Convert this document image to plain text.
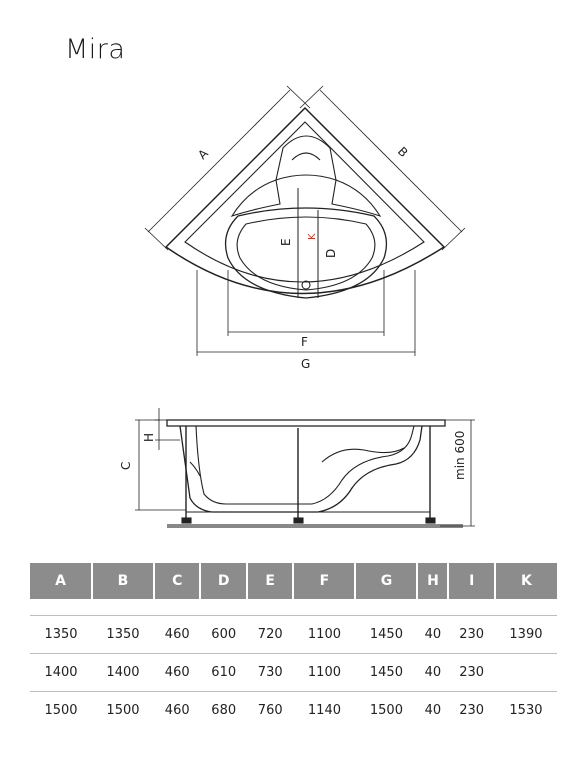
Mira
A	B
E
K
D
F
G
H
C	min 600
A	B	C	D	E	F	G	H	I	K

1350	1350	460	600	720	1100	1450	40	230	1390
1400	1400	460	610	730	1100	1450	40	230	
1500	1500	460	680	760	1140	1500	40	230	1530
